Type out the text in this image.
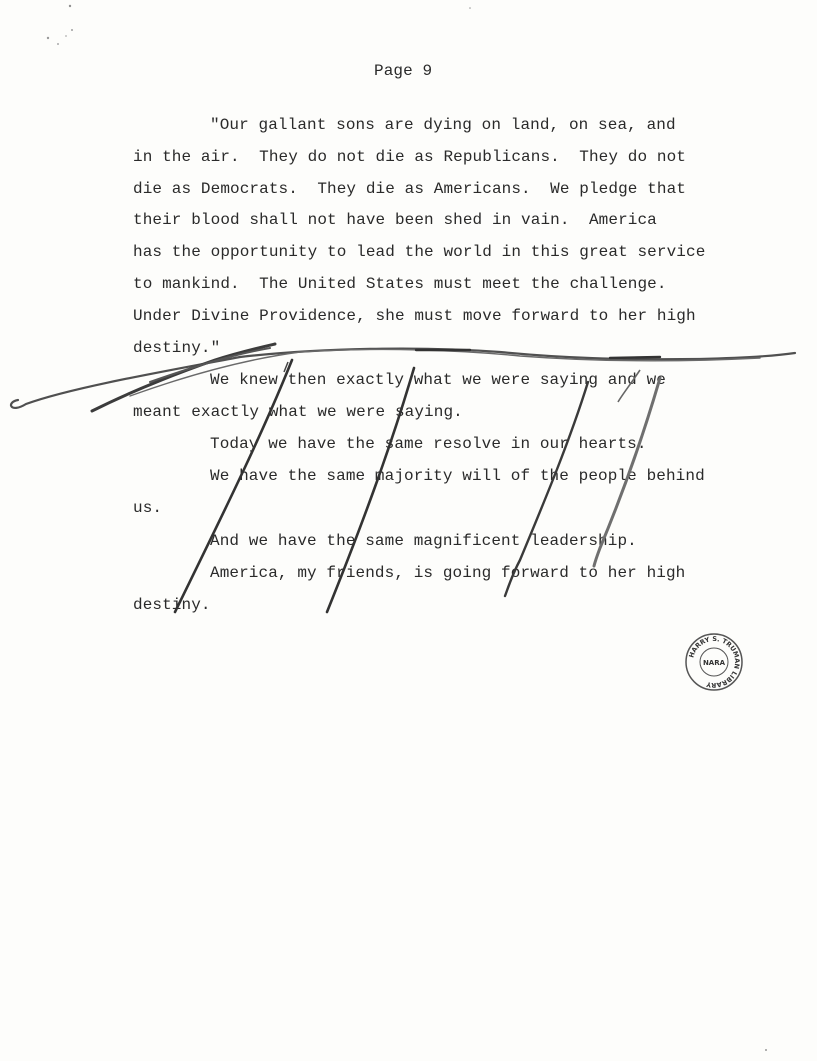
Page 9
"Our gallant sons are dying on land, on sea, and
in the air.  They do not die as Republicans.  They do not
die as Democrats.  They die as Americans.  We pledge that
their blood shall not have been shed in vain.  America
has the opportunity to lead the world in this great service
to mankind.  The United States must meet the challenge.
Under Divine Providence, she must move forward to her high
destiny."
We knew then exactly what we were saying and we
meant exactly what we were saying.
Today we have the same resolve in our hearts.
We have the same majority will of the people behind
us.
And we have the same magnificent leadership.
America, my friends, is going forward to her high
destiny.
HARRY S. TRUMAN LIBRARY
NARA
